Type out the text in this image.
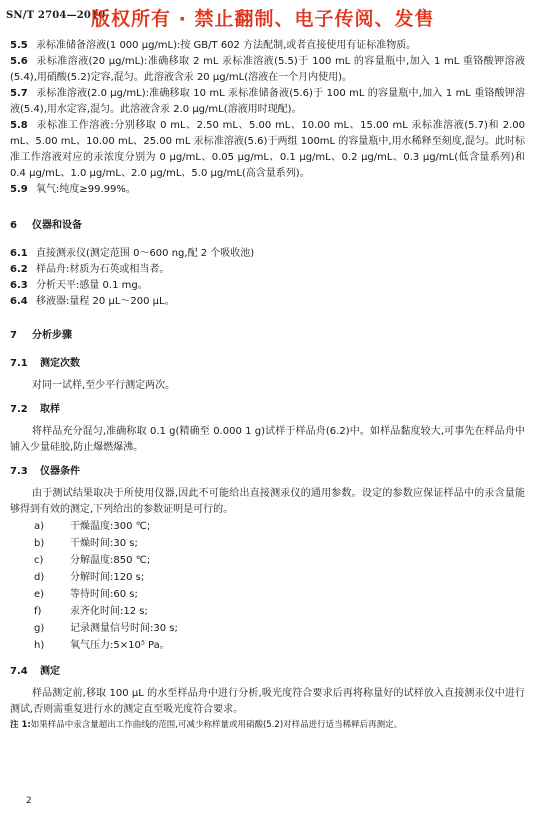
SN/T 2704—2010
版权所有 · 禁止翻制、电子传阅、发售
5.5 汞标准储备溶液(1 000 μg/mL):按 GB/T 602 方法配制,或者直接使用有证标准物质。

5.6 汞标准溶液(20 μg/mL):准确移取 2 mL 汞标准溶液(5.5)于 100 mL 的容量瓶中,加入 1 mL 重铬酸钾溶液(5.4),用硝酸(5.2)定容,混匀。此溶液含汞 20 μg/mL(溶液在一个月内使用)。

5.7 汞标准溶液(2.0 μg/mL):准确移取 10 mL 汞标准储备液(5.6)于 100 mL 的容量瓶中,加入 1 mL 重铬酸钾溶液(5.4),用水定容,混匀。此溶液含汞 2.0 μg/mL(溶液用时现配)。

5.8 汞标准工作溶液:分别移取 0 mL、2.50 mL、5.00 mL、10.00 mL、15.00 mL 汞标准溶液(5.7)和 2.00 mL、5.00 mL、10.00 mL、25.00 mL 汞标准溶液(5.6)于两组 100mL 的容量瓶中,用水稀释至刻度,混匀。此时标准工作溶液对应的汞浓度分别为 0 μg/mL、0.05 μg/mL、0.1 μg/mL、0.2 μg/mL、0.3 μg/mL(低含量系列)和 0.4 μg/mL、1.0 μg/mL、2.0 μg/mL、5.0 μg/mL(高含量系列)。

5.9 氧气:纯度≥99.99%。

6 仪器和设备

6.1 直接测汞仪(测定范围 0～600 ng,配 2 个吸收池)

6.2 样品舟:材质为石英或相当者。

6.3 分析天平:感量 0.1 mg。

6.4 移液器:量程 20 μL～200 μL。

7 分析步骤

7.1 测定次数

对同一试样,至少平行测定两次。

7.2 取样

将样品充分混匀,准确称取 0.1 g(精确至 0.000 1 g)试样于样品舟(6.2)中。如样品黏度较大,可事先在样品舟中铺入少量硅胶,防止爆燃爆沸。

7.3 仪器条件

由于测试结果取决于所使用仪器,因此不可能给出直接测汞仪的通用参数。设定的参数应保证样品中的汞含量能够得到有效的测定,下列给出的参数证明是可行的。

a)	干燥温度:300 ℃;
b)	干燥时间:30 s;
c)	分解温度:850 ℃;
d)	分解时间:120 s;
e)	等待时间:60 s;
f)	汞齐化时间:12 s;
g)	记录测量信号时间:30 s;
h)	氧气压力:5×10⁵ Pa。

7.4 测定

样品测定前,移取 100 μL 的水至样品舟中进行分析,吸光度符合要求后再将称量好的试样放入直接测汞仪中进行测试,否则需重复进行水的测定直至吸光度符合要求。

注 1:如果样品中汞含量超出工作曲线的范围,可减少称样量或用硝酸(5.2)对样品进行适当稀释后再测定。

2
